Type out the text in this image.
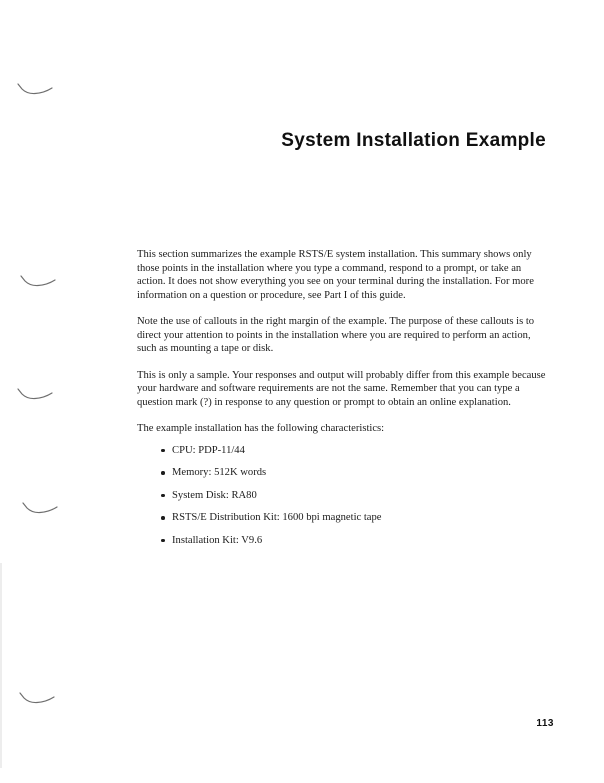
System Installation Example

This section summarizes the example RSTS/E system installation. This summary shows only those points in the installation where you type a command, respond to a prompt, or take an action. It does not show everything you see on your terminal during the installation. For more information on a question or procedure, see Part I of this guide.

Note the use of callouts in the right margin of the example. The purpose of these callouts is to direct your attention to points in the installation where you are required to perform an action, such as mounting a tape or disk.

This is only a sample. Your responses and output will probably differ from this example because your hardware and software requirements are not the same. Remember that you can type a question mark (?) in response to any question or prompt to obtain an online explanation.

The example installation has the following characteristics:

CPU: PDP-11/44
Memory: 512K words
System Disk: RA80
RSTS/E Distribution Kit: 1600 bpi magnetic tape
Installation Kit: V9.6
113
